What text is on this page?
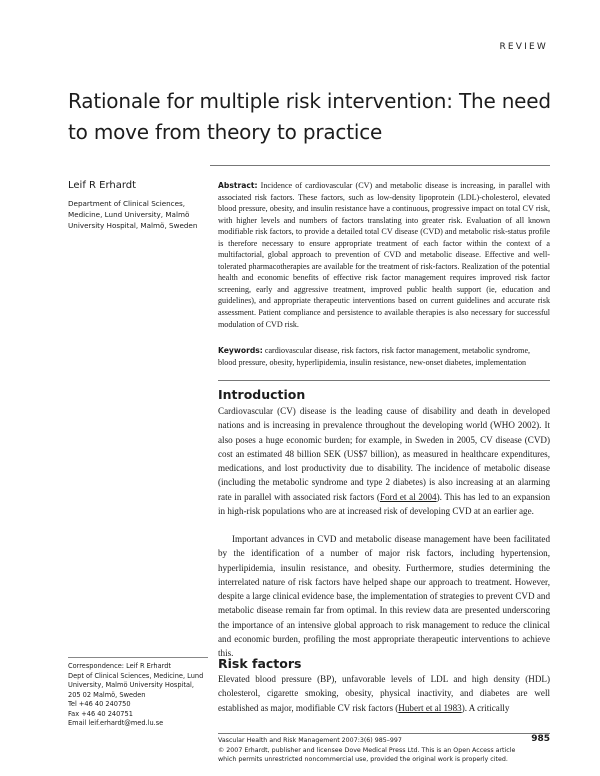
REVIEW
Rationale for multiple risk intervention: The need to move from theory to practice
Leif R Erhardt
Department of Clinical Sciences, Medicine, Lund University, Malmö University Hospital, Malmö, Sweden

Abstract: Incidence of cardiovascular (CV) and metabolic disease is increasing, in parallel with associated risk factors. These factors, such as low-density lipoprotein (LDL)-cholesterol, elevated blood pressure, obesity, and insulin resistance have a continuous, progressive impact on total CV risk, with higher levels and numbers of factors translating into greater risk. Evaluation of all known modifiable risk factors, to provide a detailed total CV disease (CVD) and metabolic risk-status profile is therefore necessary to ensure appropriate treatment of each factor within the context of a multifactorial, global approach to prevention of CVD and metabolic disease. Effective and well-tolerated pharmacotherapies are available for the treatment of risk-factors. Realization of the potential health and economic benefits of effective risk factor management requires improved risk factor screening, early and aggressive treatment, improved public health support (ie, education and guidelines), and appropriate therapeutic interventions based on current guidelines and accurate risk assessment. Patient compliance and persistence to available therapies is also necessary for successful modulation of CVD risk.

Keywords: cardiovascular disease, risk factors, risk factor management, metabolic syndrome, blood pressure, obesity, hyperlipidemia, insulin resistance, new-onset diabetes, implementation

Introduction

Cardiovascular (CV) disease is the leading cause of disability and death in developed nations and is increasing in prevalence throughout the developing world (WHO 2002). It also poses a huge economic burden; for example, in Sweden in 2005, CV disease (CVD) cost an estimated 48 billion SEK (US$7 billion), as measured in healthcare expenditures, medications, and lost productivity due to disability. The incidence of metabolic disease (including the metabolic syndrome and type 2 diabetes) is also increasing at an alarming rate in parallel with associated risk factors (Ford et al 2004). This has led to an expansion in high-risk populations who are at increased risk of developing CVD at an earlier age.

Important advances in CVD and metabolic disease management have been facilitated by the identification of a number of major risk factors, including hypertension, hyperlipidemia, insulin resistance, and obesity. Furthermore, studies determining the interrelated nature of risk factors have helped shape our approach to treatment. However, despite a large clinical evidence base, the implementation of strategies to prevent CVD and metabolic disease remain far from optimal. In this review data are presented underscoring the importance of an intensive global approach to risk management to reduce the clinical and economic burden, profiling the most appropriate therapeutic interventions to achieve this.

Risk factors

Elevated blood pressure (BP), unfavorable levels of LDL and high density (HDL) cholesterol, cigarette smoking, obesity, physical inactivity, and diabetes are well established as major, modifiable CV risk factors (Hubert et al 1983). A critically

Correspondence: Leif R Erhardt
Dept of Clinical Sciences, Medicine, Lund
University, Malmö University Hospital,
205 02 Malmö, Sweden
Tel +46 40 240750
Fax +46 40 240751
Email leif.erhardt@med.lu.se
Vascular Health and Risk Management 2007:3(6) 985–997
© 2007 Erhardt, publisher and licensee Dove Medical Press Ltd. This is an Open Access article which permits unrestricted noncommercial use, provided the original work is properly cited.
985
